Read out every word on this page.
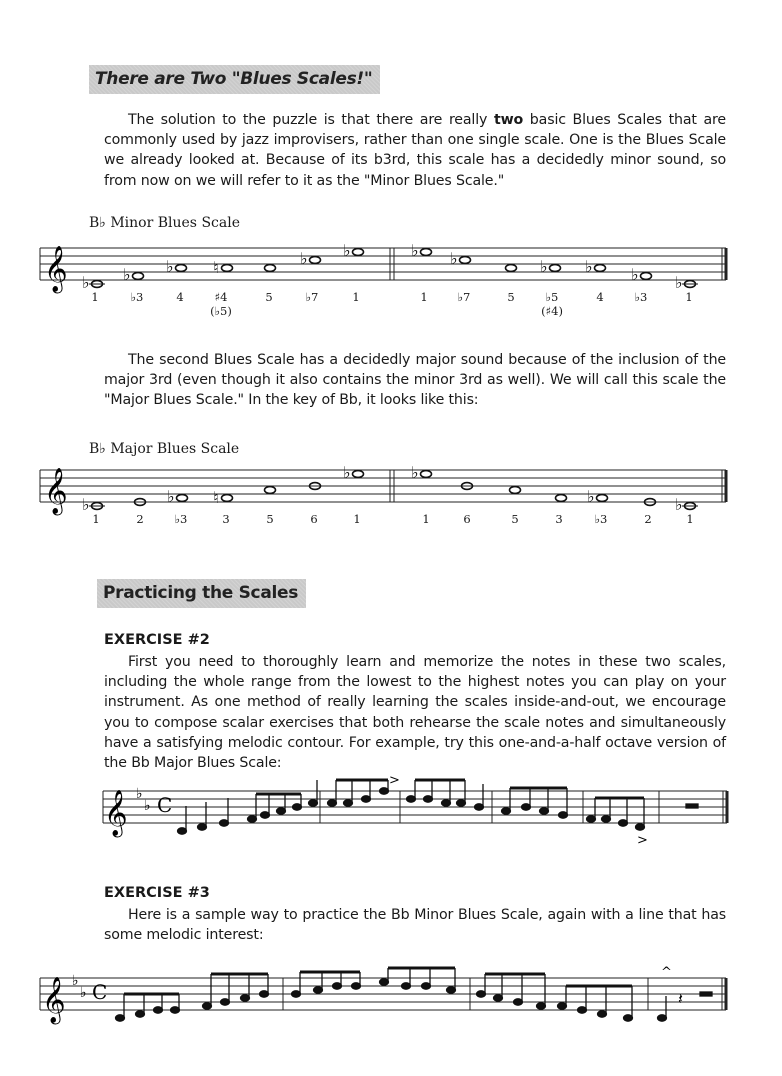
There are Two "Blues Scales!"
The solution to the puzzle is that there are really two basic Blues Scales that are commonly used by jazz improvisers, rather than one single scale. One is the Blues Scale we already looked at. Because of its b3rd, this scale has a decidedly minor sound, so from now on we will refer to it as the "Minor Blues Scale."
B♭ Minor Blues Scale
𝄞 ♭ ♭ ♭ ♮	♭ ♭	♭ ♭	♭ ♭ ♭ ♭
1	♭3	4	♯4
(♭5)
5	♭7	1	1	♭7	5	♭5
(♯4)
4	♭3	1
The second Blues Scale has a decidedly major sound because of the inclusion of the major 3rd (even though it also contains the minor 3rd as well). We will call this scale the "Major Blues Scale." In the key of Bb, it looks like this:
B♭ Major Blues Scale
𝄞 ♭	♭ ♮
♭	♭
♭	♭
1	2	♭3	3	5	6	1	1	6	5	3	♭3	2	1
Practicing the Scales
EXERCISE #2
First you need to thoroughly learn and memorize the notes in these two scales, including the whole range from the lowest to the highest notes you can play on your instrument. As one method of really learning the scales inside-and-out, we encourage you to compose scalar exercises that both rehearse the scale notes and simultaneously have a satisfying melodic contour. For example, try this one-and-a-half octave version of the Bb Major Blues Scale:
𝄞 ♭
♭ C
>
>
EXERCISE #3
Here is a sample way to practice the Bb Minor Blues Scale, again with a line that has some melodic interest:
𝄞 ♭
♭ C
^
𝄽
